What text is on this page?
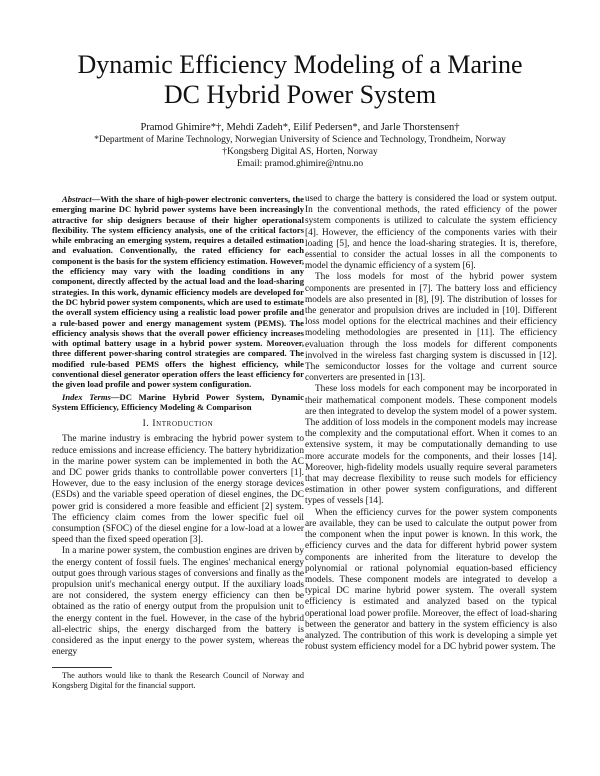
Dynamic Efficiency Modeling of a Marine DC Hybrid Power System
Pramod Ghimire*†, Mehdi Zadeh*, Eilif Pedersen*, and Jarle Thorstensen†
*Department of Marine Technology, Norwegian University of Science and Technology, Trondheim, Norway
†Kongsberg Digital AS, Horten, Norway
Email: pramod.ghimire@ntnu.no

Abstract—With the share of high-power electronic converters, the emerging marine DC hybrid power systems have been increasingly attractive for ship designers because of their higher operational flexibility. The system efficiency analysis, one of the critical factors while embracing an emerging system, requires a detailed estimation and evaluation. Conventionally, the rated efficiency for each component is the basis for the system efficiency estimation. However, the efficiency may vary with the loading conditions in any component, directly affected by the actual load and the load-sharing strategies. In this work, dynamic efficiency models are developed for the DC hybrid power system components, which are used to estimate the overall system efficiency using a realistic load power profile and a rule-based power and energy management system (PEMS). The efficiency analysis shows that the overall power efficiency increases with optimal battery usage in a hybrid power system. Moreover, three different power-sharing control strategies are compared. The modified rule-based PEMS offers the highest efficiency, while conventional diesel generator operation offers the least efficiency for the given load profile and power system configuration.

Index Terms—DC Marine Hybrid Power System, Dynamic System Efficiency, Efficiency Modeling & Comparison

I. Introduction

The marine industry is embracing the hybrid power system to reduce emissions and increase efficiency. The battery hybridization in the marine power system can be implemented in both the AC and DC power grids thanks to controllable power converters [1]. However, due to the easy inclusion of the energy storage devices (ESDs) and the variable speed operation of diesel engines, the DC power grid is considered a more feasible and efficient [2] system. The efficiency claim comes from the lower specific fuel oil consumption (SFOC) of the diesel engine for a low-load at a lower speed than the fixed speed operation [3].

In a marine power system, the combustion engines are driven by the energy content of fossil fuels. The engines' mechanical energy output goes through various stages of conversions and finally as the propulsion unit's mechanical energy output. If the auxiliary loads are not considered, the system energy efficiency can then be obtained as the ratio of energy output from the propulsion unit to the energy content in the fuel. However, in the case of the hybrid all-electric ships, the energy discharged from the battery is considered as the input energy to the power system, whereas the energy

The authors would like to thank the Research Council of Norway and Kongsberg Digital for the financial support.

used to charge the battery is considered the load or system output. In the conventional methods, the rated efficiency of the power system components is utilized to calculate the system efficiency [4]. However, the efficiency of the components varies with their loading [5], and hence the load-sharing strategies. It is, therefore, essential to consider the actual losses in all the components to model the dynamic efficiency of a system [6].

The loss models for most of the hybrid power system components are presented in [7]. The battery loss and efficiency models are also presented in [8], [9]. The distribution of losses for the generator and propulsion drives are included in [10]. Different loss model options for the electrical machines and their efficiency modeling methodologies are presented in [11]. The efficiency evaluation through the loss models for different components involved in the wireless fast charging system is discussed in [12]. The semiconductor losses for the voltage and current source converters are presented in [13].

These loss models for each component may be incorporated in their mathematical component models. These component models are then integrated to develop the system model of a power system. The addition of loss models in the component models may increase the complexity and the computational effort. When it comes to an extensive system, it may be computationally demanding to use more accurate models for the components, and their losses [14]. Moreover, high-fidelity models usually require several parameters that may decrease flexibility to reuse such models for efficiency estimation in other power system configurations, and different types of vessels [14].

When the efficiency curves for the power system components are available, they can be used to calculate the output power from the component when the input power is known. In this work, the efficiency curves and the data for different hybrid power system components are inherited from the literature to develop the polynomial or rational polynomial equation-based efficiency models. These component models are integrated to develop a typical DC marine hybrid power system. The overall system efficiency is estimated and analyzed based on the typical operational load power profile. Moreover, the effect of load-sharing between the generator and battery in the system efficiency is also analyzed. The contribution of this work is developing a simple yet robust system efficiency model for a DC hybrid power system. The
